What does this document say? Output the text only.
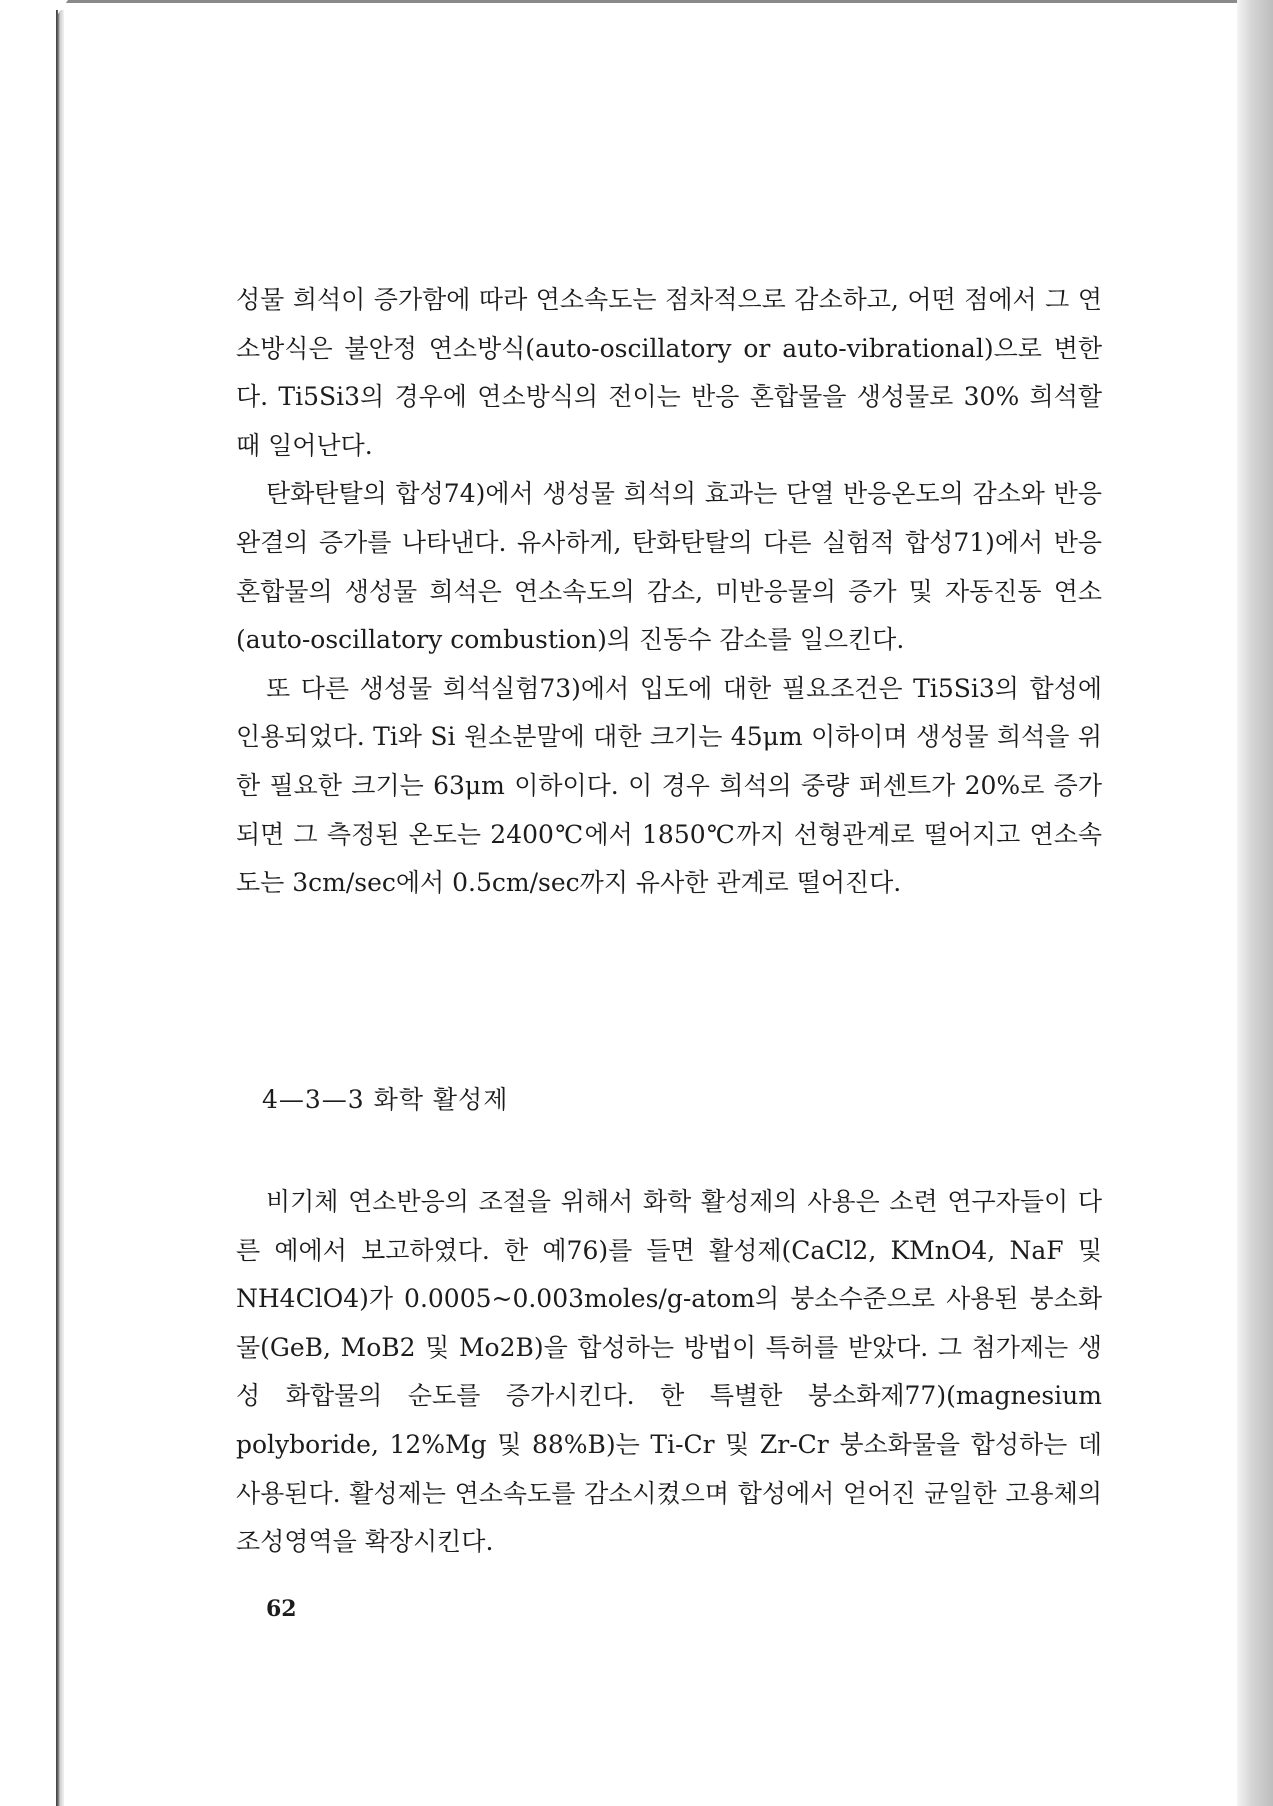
성물 희석이 증가함에 따라 연소속도는 점차적으로 감소하고, 어떤 점에서 그 연소방식은 불안정 연소방식(auto-oscillatory or auto-vibrational)으로 변한다. Ti5Si3의 경우에 연소방식의 전이는 반응 혼합물을 생성물로 30% 희석할 때 일어난다.

탄화탄탈의 합성74)에서 생성물 희석의 효과는 단열 반응온도의 감소와 반응완결의 증가를 나타낸다. 유사하게, 탄화탄탈의 다른 실험적 합성71)에서 반응 혼합물의 생성물 희석은 연소속도의 감소, 미반응물의 증가 및 자동진동 연소(auto-oscillatory combustion)의 진동수 감소를 일으킨다.

또 다른 생성물 희석실험73)에서 입도에 대한 필요조건은 Ti5Si3의 합성에 인용되었다. Ti와 Si 원소분말에 대한 크기는 45μm 이하이며 생성물 희석을 위한 필요한 크기는 63μm 이하이다. 이 경우 희석의 중량 퍼센트가 20%로 증가되면 그 측정된 온도는 2400℃에서 1850℃까지 선형관계로 떨어지고 연소속도는 3cm/sec에서 0.5cm/sec까지 유사한 관계로 떨어진다.

4—3—3 화학 활성제

비기체 연소반응의 조절을 위해서 화학 활성제의 사용은 소련 연구자들이 다른 예에서 보고하였다. 한 예76)를 들면 활성제(CaCl2, KMnO4, NaF 및 NH4ClO4)가 0.0005~0.003moles/g-atom의 붕소수준으로 사용된 붕소화물(GeB, MoB2 및 Mo2B)을 합성하는 방법이 특허를 받았다. 그 첨가제는 생성 화합물의 순도를 증가시킨다. 한 특별한 붕소화제77)(magnesium polyboride, 12%Mg 및 88%B)는 Ti-Cr 및 Zr-Cr 붕소화물을 합성하는 데 사용된다. 활성제는 연소속도를 감소시켰으며 합성에서 얻어진 균일한 고용체의 조성영역을 확장시킨다.

62
